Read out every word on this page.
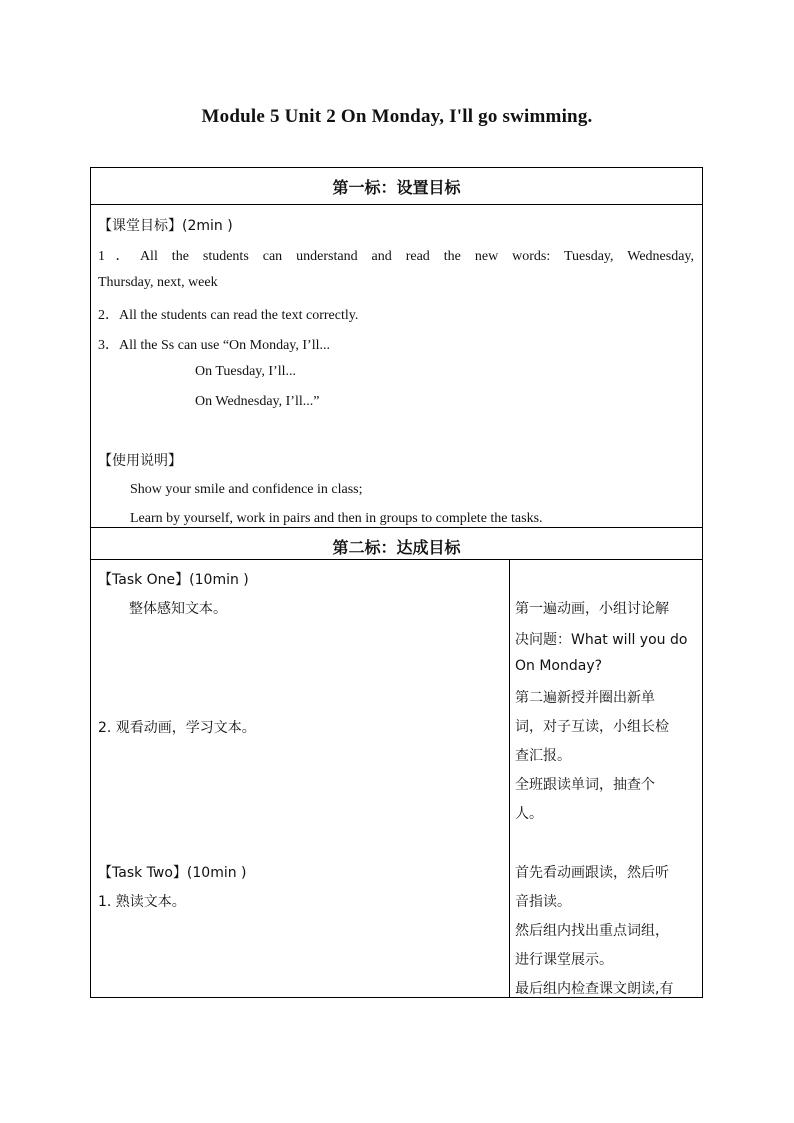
Module 5 Unit 2 On Monday, I'll go swimming.
第一标：设置目标
【课堂目标】(2min )
1．All the students can understand and read the new words: Tuesday, Wednesday,
Thursday, next, week
2．All the students can read the text correctly.
3．All the Ss can use “On Monday, I’ll...
On Tuesday, I’ll...
On Wednesday, I’ll...”
【使用说明】
Show your smile and confidence in class;
Learn by yourself, work in pairs and then in groups to complete the tasks.
第二标：达成目标
【Task One】(10min )
整体感知文本。
2. 观看动画，学习文本。
第一遍动画，小组讨论解
决问题：What will you do
On Monday?
第二遍新授并圈出新单
词，对子互读，小组长检
查汇报。
全班跟读单词，抽查个
人。
【Task Two】(10min )
1. 熟读文本。
首先看动画跟读，然后听
音指读。
然后组内找出重点词组，
进行课堂展示。
最后组内检查课文朗读,有
